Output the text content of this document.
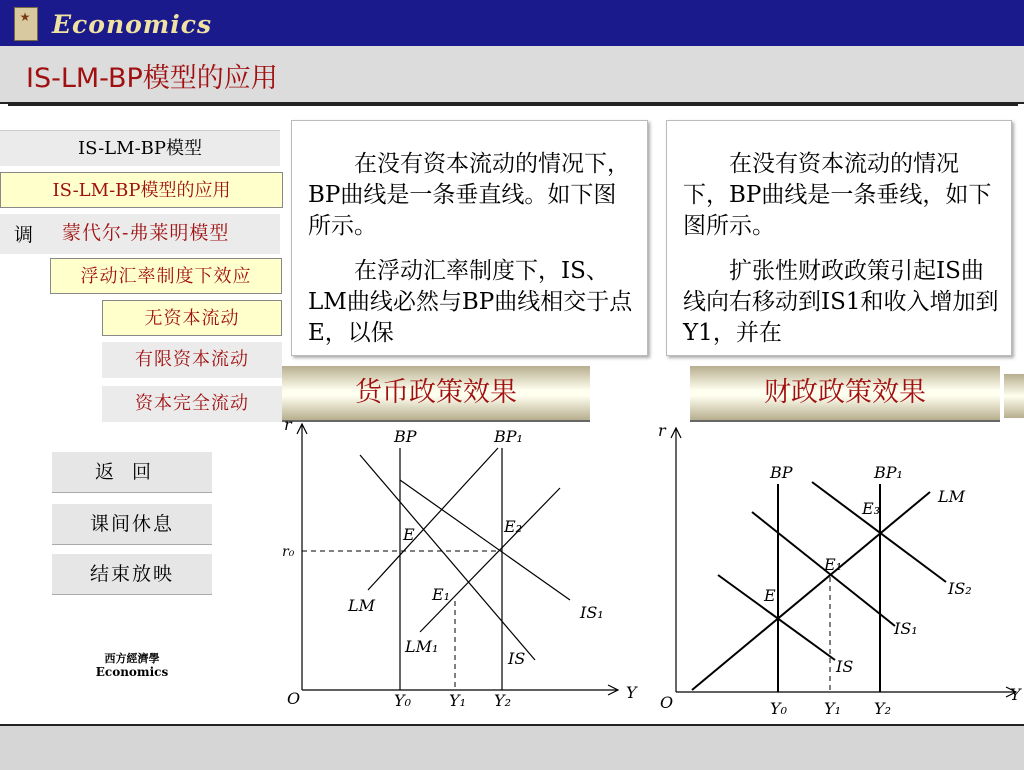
★ Economics
IS-LM-BP模型的应用
IS-LM-BP模型
IS-LM-BP模型的应用
调 蒙代尔-弗莱明模型
浮动汇率制度下效应
无资本流动
有限资本流动
资本完全流动
返回
课间休息
结束放映
西方經濟學
Economics

在没有资本流动的情况下，BP曲线是一条垂直线。如下图所示。

在浮动汇率制度下，IS、LM曲线必然与BP曲线相交于点E，以保

在没有资本流动的情况下，BP曲线是一条垂线，如下图所示。

扩张性财政政策引起IS曲线向右移动到IS1和收入增加到Y1，并在

货币政策效果	财政政策效果
r
Y
O
r₀
BP	BP₁
E	E₂
E₁
LM
LM₁
IS
IS₁
Y₀ Y₁ Y₂
r
Y
O
BP	BP₁
E
E₁
E₃
LM
IS
IS₁
IS₂
Y₀ Y₁ Y₂
